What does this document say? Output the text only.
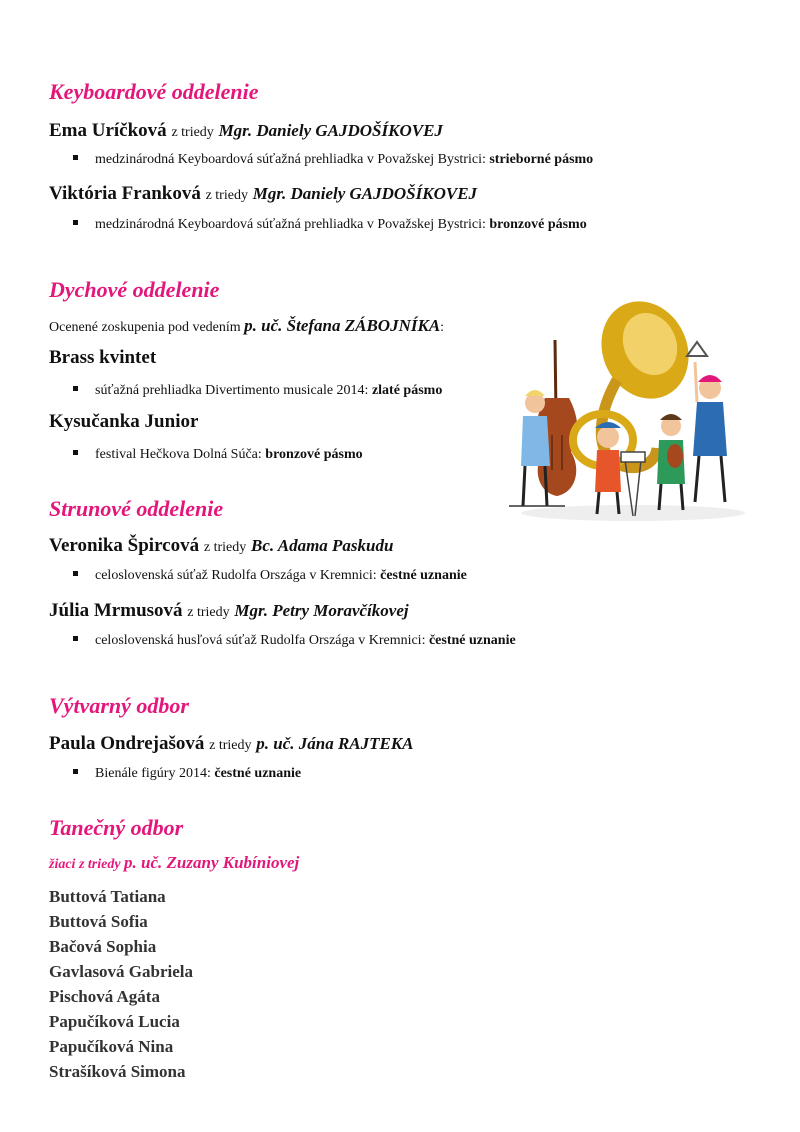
Keyboardové oddelenie

Ema Uríčková z triedy Mgr. Daniely GAJDOŠÍKOVEJ

medzinárodná Keyboardová súťažná prehliadka v Považskej Bystrici: strieborné pásmo

Viktória Franková z triedy Mgr. Daniely GAJDOŠÍKOVEJ

medzinárodná Keyboardová súťažná prehliadka v Považskej Bystrici: bronzové pásmo

Dychové oddelenie

Ocenené zoskupenia pod vedením p. uč. Štefana ZÁBOJNÍKA:

Brass kvintet

súťažná prehliadka Divertimento musicale 2014: zlaté pásmo

Kysučanka Junior

festival Hečkova Dolná Súča: bronzové pásmo

Strunové oddelenie

Veronika Špircová z triedy Bc. Adama Paskudu

celoslovenská súťaž Rudolfa Országa v Kremnici: čestné uznanie

Júlia Mrmusová z triedy Mgr. Petry Moravčíkovej

celoslovenská husľová súťaž Rudolfa Országa v Kremnici: čestné uznanie

Výtvarný odbor

Paula Ondrejašová z triedy p. uč. Jána RAJTEKA

Bienále figúry 2014: čestné uznanie

Tanečný odbor

žiaci z triedy p. uč. Zuzany Kubíniovej

Buttová Tatiana
Buttová Sofia
Bačová Sophia
Gavlasová Gabriela
Pischová Agáta
Papučíková Lucia
Papučíková Nina
Strašíková Simona
